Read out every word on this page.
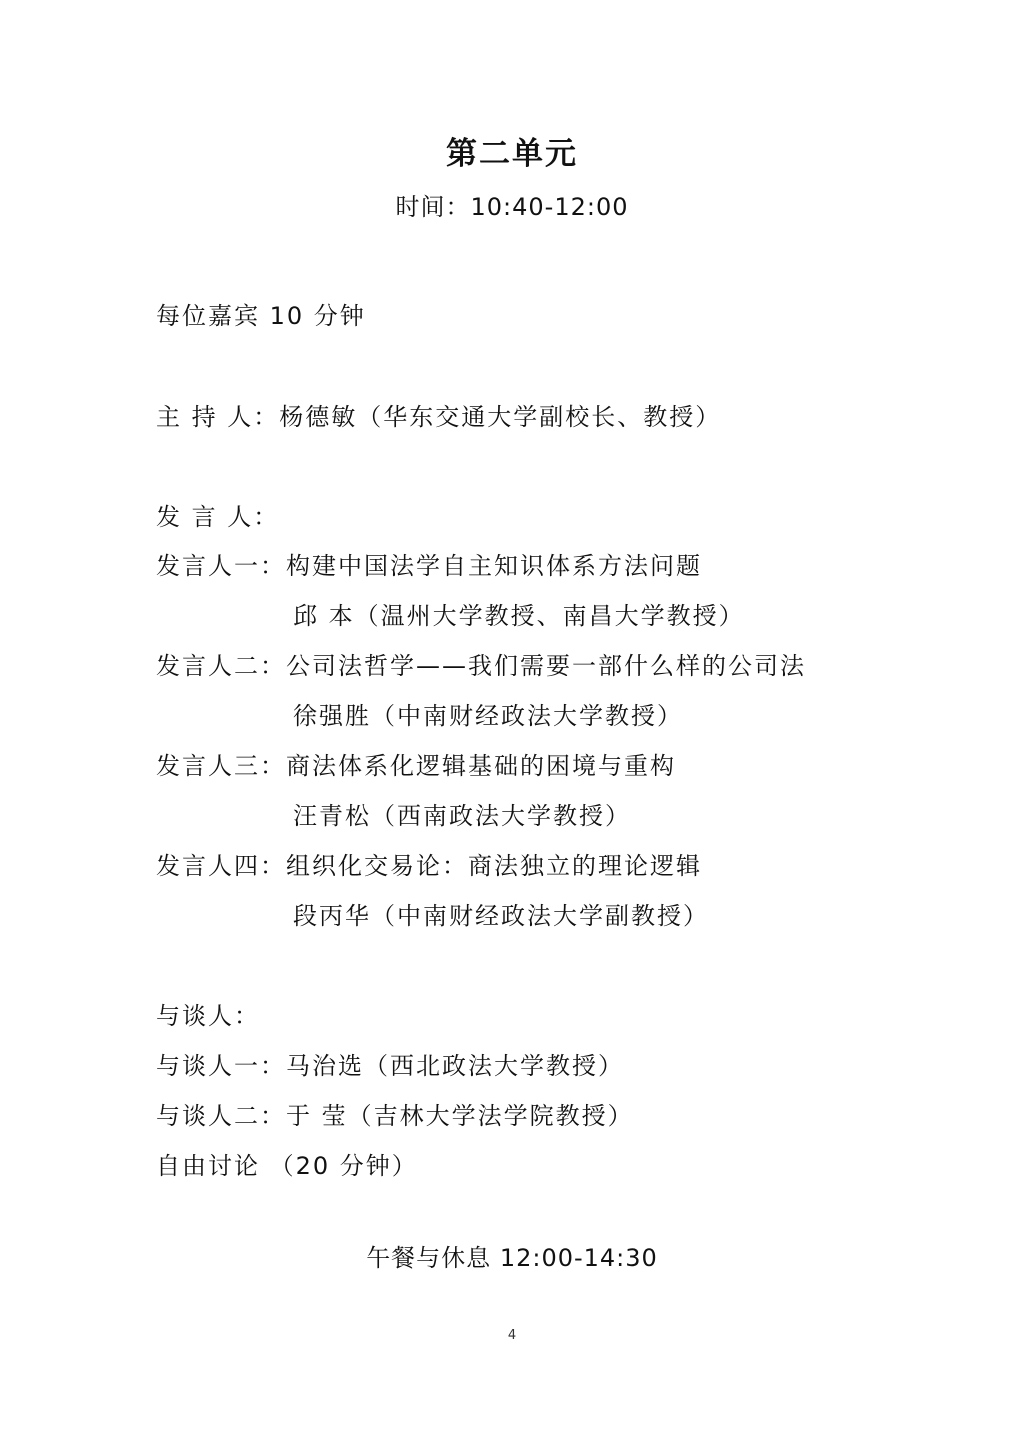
第二单元
时间：10:40-12:00
每位嘉宾 10 分钟
主 持 人：杨德敏（华东交通大学副校长、教授）
发 言 人：
发言人一：构建中国法学自主知识体系方法问题
邱 本（温州大学教授、南昌大学教授）
发言人二：公司法哲学——我们需要一部什么样的公司法
徐强胜（中南财经政法大学教授）
发言人三：商法体系化逻辑基础的困境与重构
汪青松（西南政法大学教授）
发言人四：组织化交易论：商法独立的理论逻辑
段丙华（中南财经政法大学副教授）
与谈人：
与谈人一：马治选（西北政法大学教授）
与谈人二：于 莹（吉林大学法学院教授）
自由讨论 （20 分钟）
午餐与休息 12:00-14:30
4
